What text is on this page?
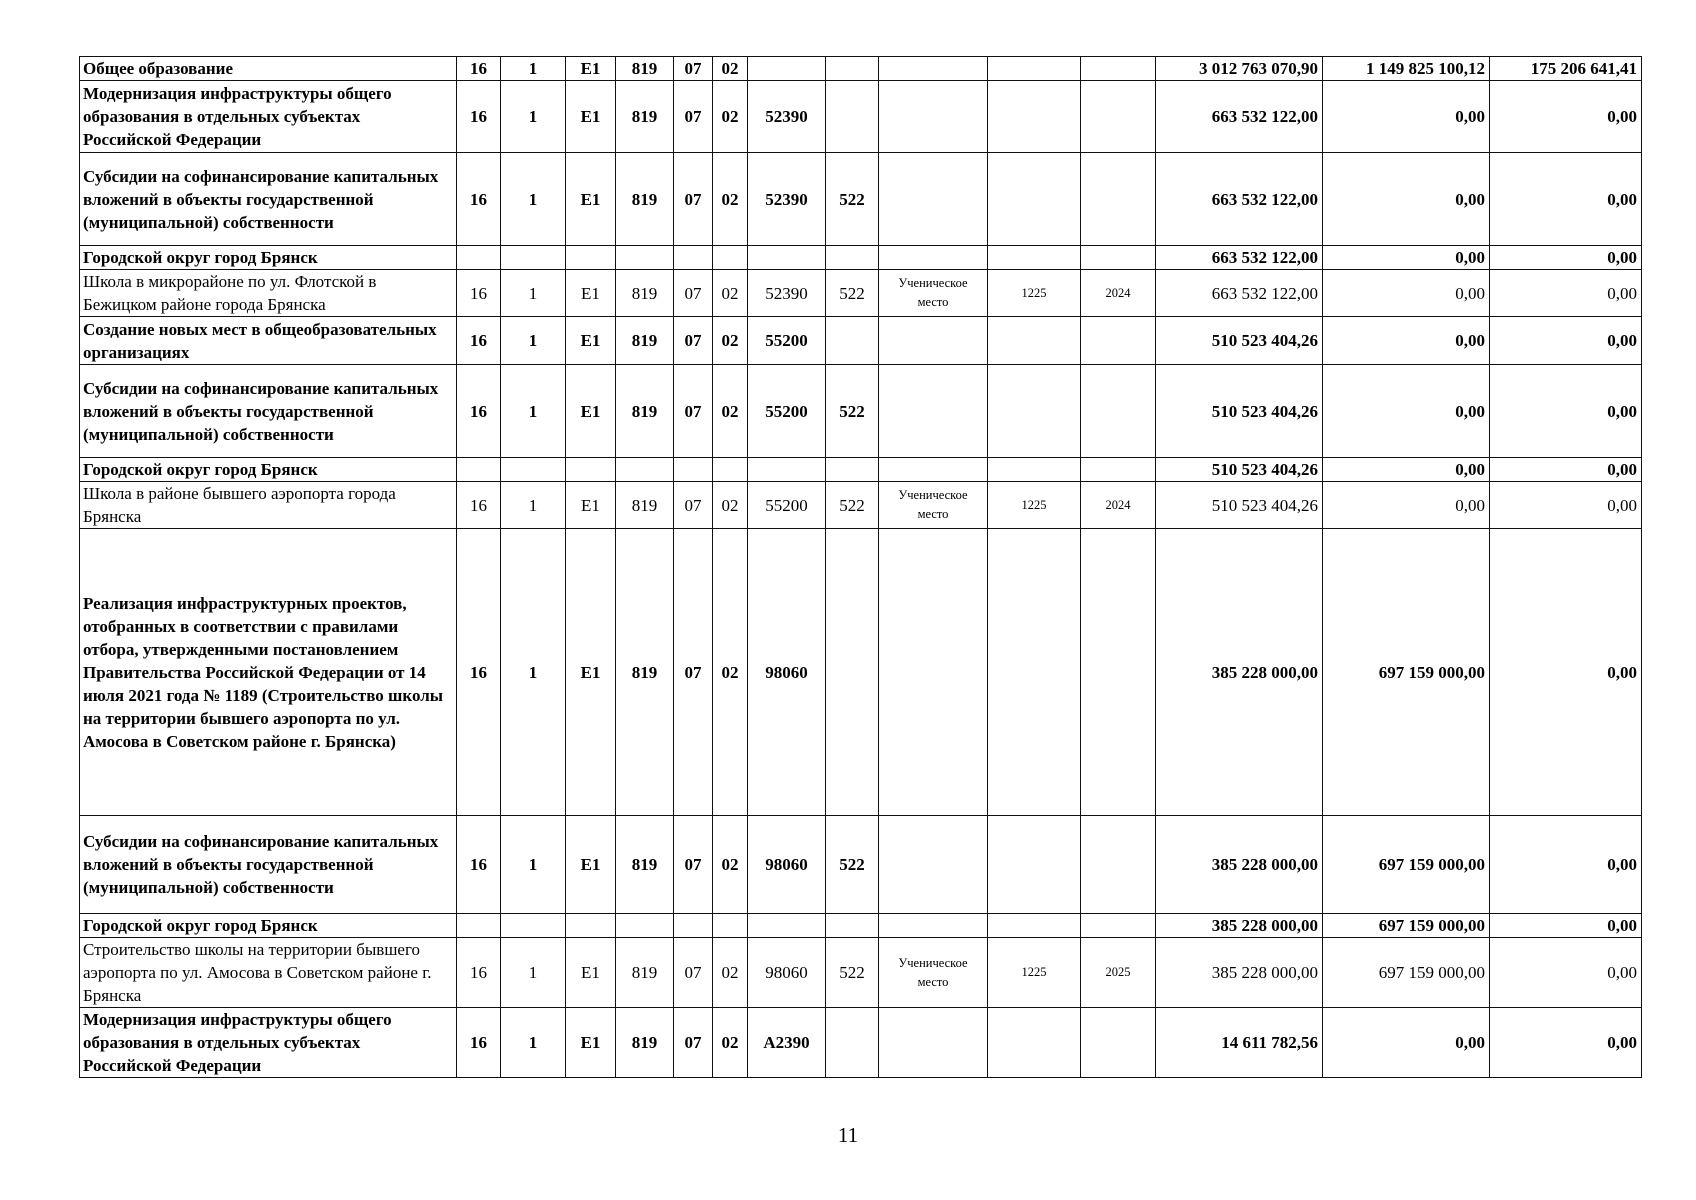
Общее образование	16	1	E1	819	07	02						3 012 763 070,90	1 149 825 100,12	175 206 641,41
Модернизация инфраструктуры общего образования в отдельных субъектах Российской Федерации	16	1	E1	819	07	02	52390					663 532 122,00	0,00	0,00
Субсидии на софинансирование капитальных вложений в объекты государственной (муниципальной) собственности	16	1	E1	819	07	02	52390	522				663 532 122,00	0,00	0,00
Городской округ город Брянск												663 532 122,00	0,00	0,00
Школа в микрорайоне по ул. Флотской в Бежицком районе города Брянска	16	1	E1	819	07	02	52390	522	Ученическое место	1225	2024	663 532 122,00	0,00	0,00
Создание новых мест в общеобразовательных организациях	16	1	E1	819	07	02	55200					510 523 404,26	0,00	0,00
Субсидии на софинансирование капитальных вложений в объекты государственной (муниципальной) собственности	16	1	E1	819	07	02	55200	522				510 523 404,26	0,00	0,00
Городской округ город Брянск												510 523 404,26	0,00	0,00
Школа в районе бывшего аэропорта города Брянска	16	1	E1	819	07	02	55200	522	Ученическое место	1225	2024	510 523 404,26	0,00	0,00
Реализация инфраструктурных проектов, отобранных в соответствии с правилами отбора, утвержденными постановлением Правительства Российской Федерации от 14 июля 2021 года № 1189 (Строительство школы на территории бывшего аэропорта по ул. Амосова в Советском районе г. Брянска)	16	1	E1	819	07	02	98060					385 228 000,00	697 159 000,00	0,00
Субсидии на софинансирование капитальных вложений в объекты государственной (муниципальной) собственности	16	1	E1	819	07	02	98060	522				385 228 000,00	697 159 000,00	0,00
Городской округ город Брянск												385 228 000,00	697 159 000,00	0,00
Строительство школы на территории бывшего аэропорта по ул. Амосова в Советском районе г. Брянска	16	1	E1	819	07	02	98060	522	Ученическое место	1225	2025	385 228 000,00	697 159 000,00	0,00
Модернизация инфраструктуры общего образования в отдельных субъектах Российской Федерации	16	1	E1	819	07	02	A2390					14 611 782,56	0,00	0,00
11
